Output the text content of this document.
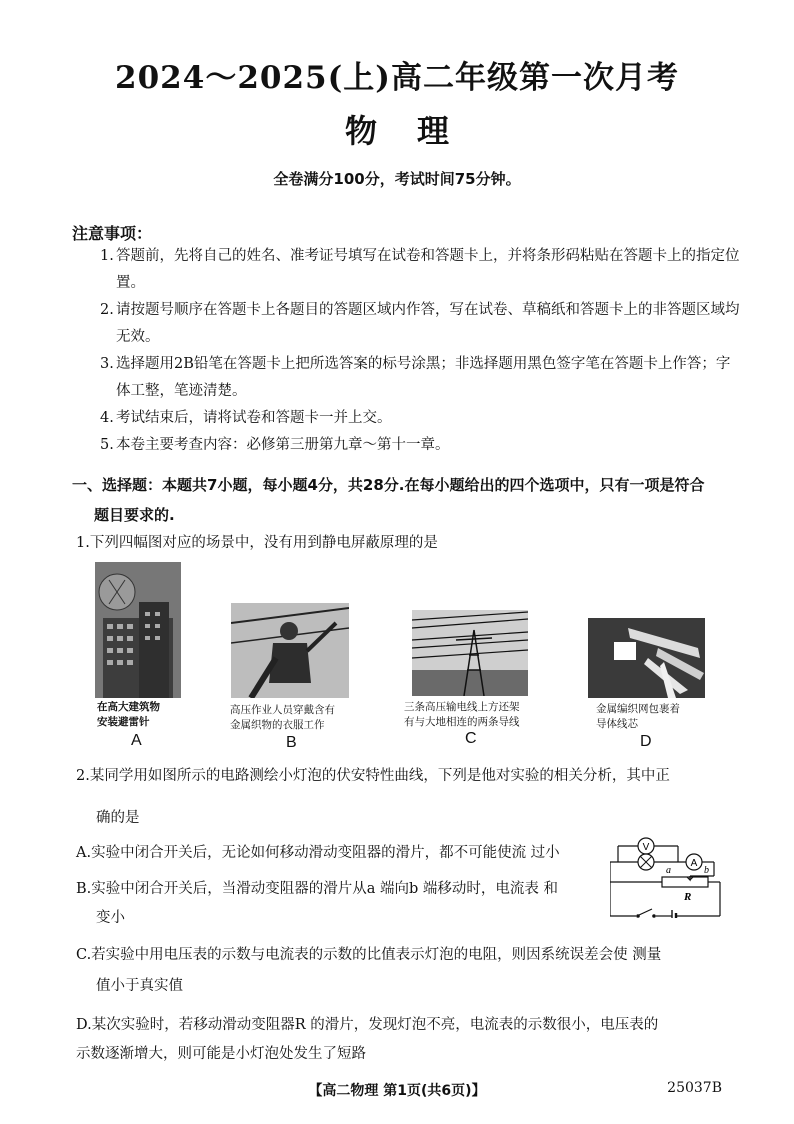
2024～2025(上)高二年级第一次月考
物理
全卷满分100分，考试时间75分钟。
注意事项：
1. 答题前，先将自己的姓名、准考证号填写在试卷和答题卡上，并将条形码粘贴在答题卡上的指定位置。
2. 请按题号顺序在答题卡上各题目的答题区域内作答，写在试卷、草稿纸和答题卡上的非答题区域均无效。
3. 选择题用2B铅笔在答题卡上把所选答案的标号涂黑；非选择题用黑色签字笔在答题卡上作答；字体工整，笔迹清楚。
4. 考试结束后，请将试卷和答题卡一并上交。
5. 本卷主要考查内容：必修第三册第九章～第十一章。
一、选择题：本题共7小题，每小题4分，共28分.在每小题给出的四个选项中，只有一项是符合
题目要求的.
1.下列四幅图对应的场景中，没有用到静电屏蔽原理的是
在高大建筑物
安装避雷针
A
高压作业人员穿戴含有
金属织物的衣服工作
B
三条高压输电线上方还架
有与大地相连的两条导线
C
金属编织网包裹着
导体线芯
D
2.某同学用如图所示的电路测绘小灯泡的伏安特性曲线，下列是他对实验的相关分析，其中正
确的是
A.实验中闭合开关后，无论如何移动滑动变阻器的滑片，都不可能使流 过小
B.实验中闭合开关后，当滑动变阻器的滑片从a 端向b 端移动时，电流表 和
变小
C.若实验中用电压表的示数与电流表的示数的比值表示灯泡的电阻，则因系统误差会使 测量
值小于真实值
D.某次实验时，若移动滑动变阻器R 的滑片，发现灯泡不亮，电流表的示数很小，电压表的
示数逐渐增大，则可能是小灯泡处发生了短路
V
A
a	b
R
【高二物理 第1页(共6页)】	25037B
